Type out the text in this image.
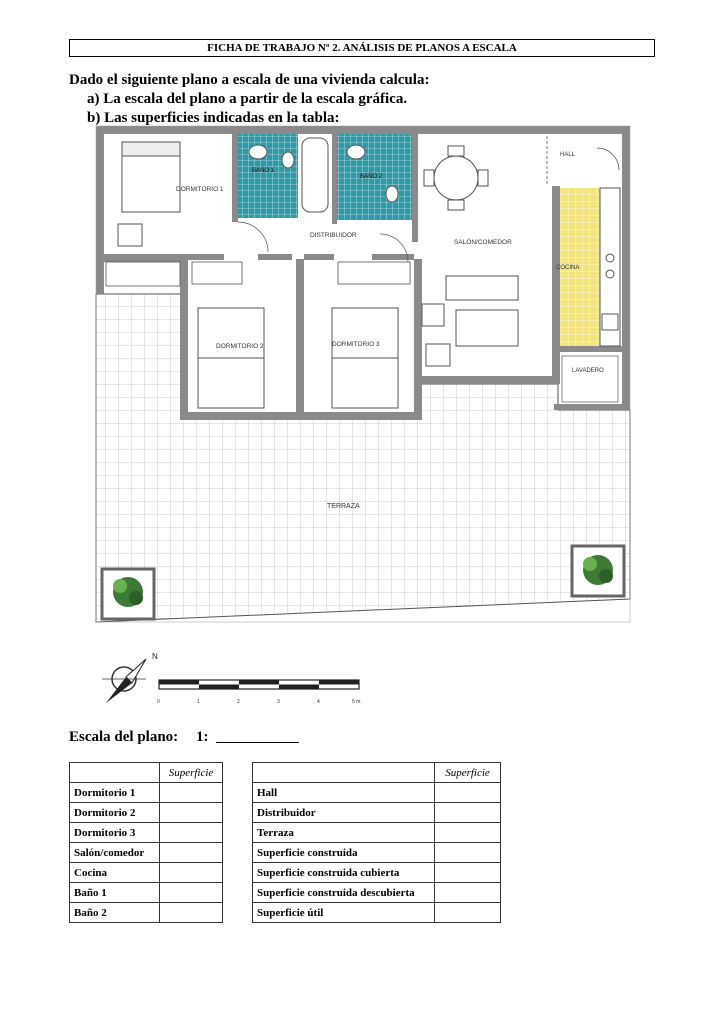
FICHA DE TRABAJO Nº 2. ANÁLISIS DE PLANOS A ESCALA
Dado el siguiente plano a escala de una vivienda calcula:
a) La escala del plano a partir de la escala gráfica.
b) Las superficies indicadas en la tabla:
TERRAZA
BAÑO 1
BAÑO 2
DORMITORIO 1
DISTRIBUIDOR
DORMITORIO 2	DORMITORIO 3
SALÓN/COMEDOR
HALL
COCINA
LAVADERO
N
0	1	2	3	4	5 m.
Escala del plano: 1: ___________
	Superficie
Dormitorio 1	
Dormitorio 2	
Dormitorio 3	
Salón/comedor	
Cocina	
Baño 1	
Baño 2	
	Superficie
Hall	
Distribuidor	
Terraza	
Superficie construida	
Superficie construida cubierta	
Superficie construida descubierta	
Superficie útil	
